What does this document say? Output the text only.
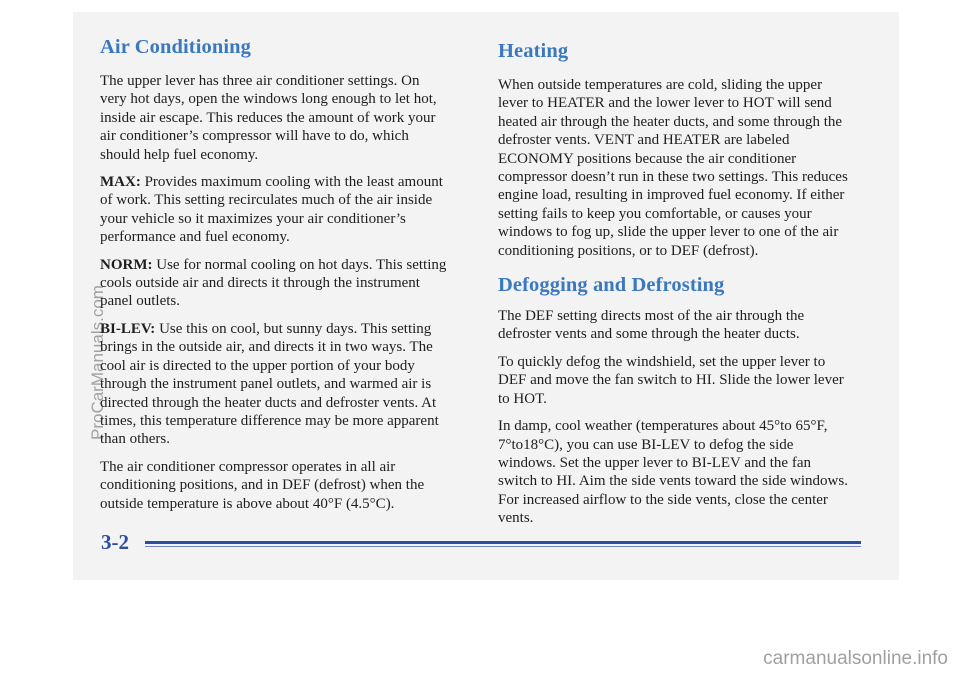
Air Conditioning

The upper lever has three air conditioner settings. On very hot days, open the windows long enough to let hot, inside air escape. This reduces the amount of work your air conditioner’s compressor will have to do, which should help fuel economy.

MAX: Provides maximum cooling with the least amount of work. This setting recirculates much of the air inside your vehicle so it maximizes your air conditioner’s performance and fuel economy.

NORM: Use for normal cooling on hot days. This setting cools outside air and directs it through the instrument panel outlets.

BI-LEV: Use this on cool, but sunny days. This setting brings in the outside air, and directs it in two ways. The cool air is directed to the upper portion of your body through the instrument panel outlets, and warmed air is directed through the heater ducts and defroster vents. At times, this temperature difference may be more apparent than others.

The air conditioner compressor operates in all air conditioning positions, and in DEF (defrost) when the outside temperature is above about 40°F (4.5°C).

Heating

When outside temperatures are cold, sliding the upper lever to HEATER and the lower lever to HOT will send heated air through the heater ducts, and some through the defroster vents. VENT and HEATER are labeled ECONOMY positions because the air conditioner compressor doesn’t run in these two settings. This reduces engine load, resulting in improved fuel economy. If either setting fails to keep you comfortable, or causes your windows to fog up, slide the upper lever to one of the air conditioning positions, or to DEF (defrost).

Defogging and Defrosting

The DEF setting directs most of the air through the defroster vents and some through the heater ducts.

To quickly defog the windshield, set the upper lever to DEF and move the fan switch to HI. Slide the lower lever to HOT.

In damp, cool weather (temperatures about 45°to 65°F, 7°to18°C), you can use BI-LEV to defog the side windows. Set the upper lever to BI-LEV and the fan switch to HI. Aim the side vents toward the side windows. For increased airflow to the side vents, close the center vents.

3-2
ProCarManuals.com
carmanualsonline.info
